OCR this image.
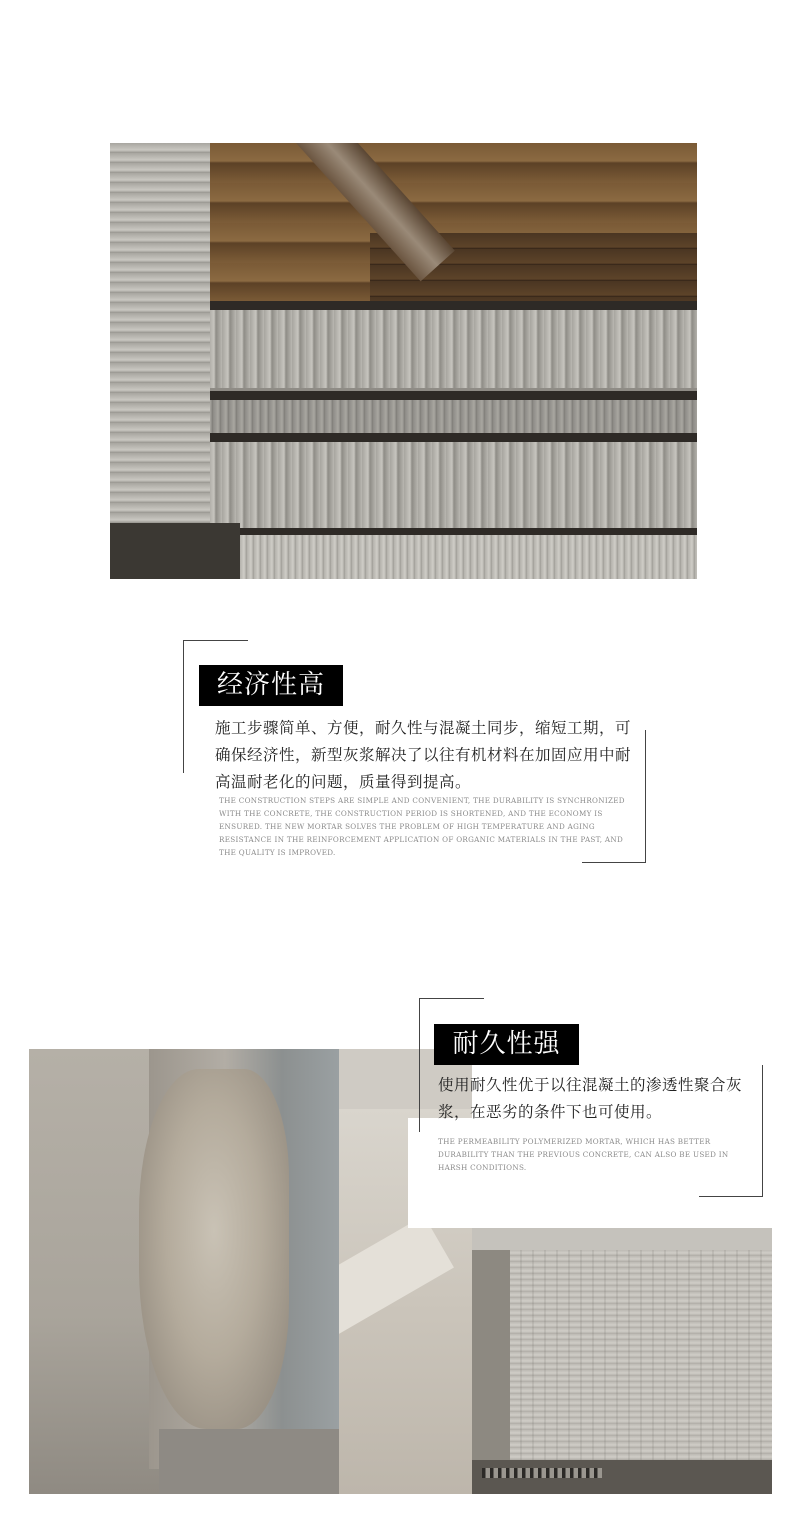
经济性高
施工步骤简单、方便，耐久性与混凝土同步，缩短工期，可确保经济性，新型灰浆解决了以往有机材料在加固应用中耐高温耐老化的问题，质量得到提高。
THE CONSTRUCTION STEPS ARE SIMPLE AND CONVENIENT, THE DURABILITY IS SYNCHRONIZED WITH THE CONCRETE, THE CONSTRUCTION PERIOD IS SHORTENED, AND THE ECONOMY IS ENSURED. THE NEW MORTAR SOLVES THE PROBLEM OF HIGH TEMPERATURE AND AGING RESISTANCE IN THE REINFORCEMENT APPLICATION OF ORGANIC MATERIALS IN THE PAST, AND THE QUALITY IS IMPROVED.
耐久性强
使用耐久性优于以往混凝土的渗透性聚合灰浆，在恶劣的条件下也可使用。
THE PERMEABILITY POLYMERIZED MORTAR, WHICH HAS BETTER DURABILITY THAN THE PREVIOUS CONCRETE, CAN ALSO BE USED IN HARSH CONDITIONS.
